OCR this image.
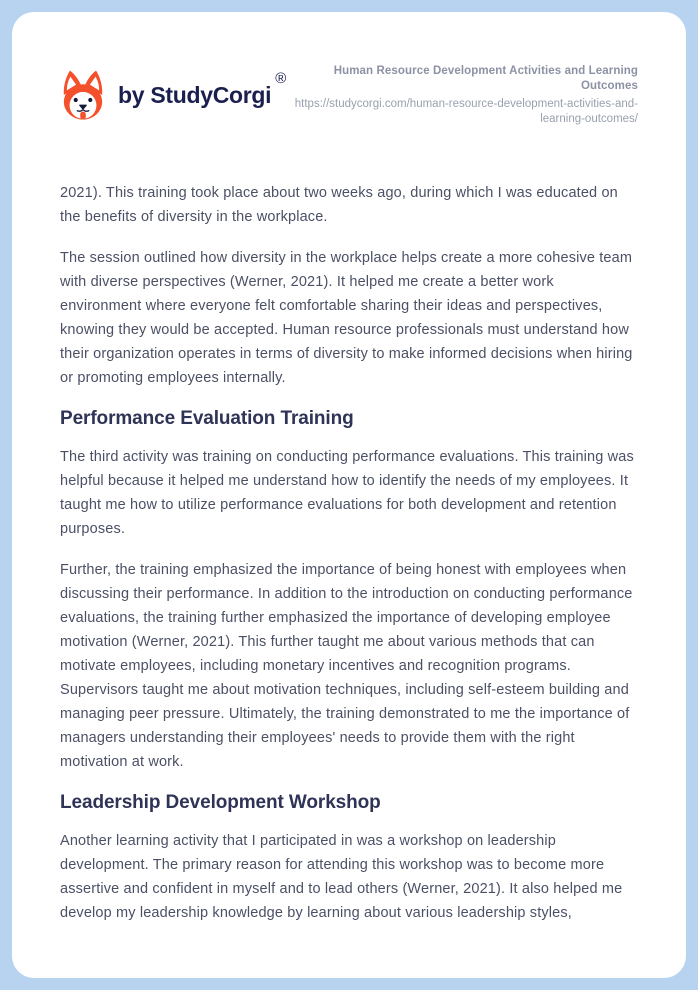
by StudyCorgi
®	Human Resource Development Activities and Learning Outcomes
https://studycorgi.com/human-resource-development-activities-and-learning-outcomes/

2021). This training took place about two weeks ago, during which I was educated on the benefits of diversity in the workplace.

The session outlined how diversity in the workplace helps create a more cohesive team with diverse perspectives (Werner, 2021). It helped me create a better work environment where everyone felt comfortable sharing their ideas and perspectives, knowing they would be accepted. Human resource professionals must understand how their organization operates in terms of diversity to make informed decisions when hiring or promoting employees internally.

Performance Evaluation Training

The third activity was training on conducting performance evaluations. This training was helpful because it helped me understand how to identify the needs of my employees. It taught me how to utilize performance evaluations for both development and retention purposes.

Further, the training emphasized the importance of being honest with employees when discussing their performance. In addition to the introduction on conducting performance evaluations, the training further emphasized the importance of developing employee motivation (Werner, 2021). This further taught me about various methods that can motivate employees, including monetary incentives and recognition programs. Supervisors taught me about motivation techniques, including self-esteem building and managing peer pressure. Ultimately, the training demonstrated to me the importance of managers understanding their employees' needs to provide them with the right motivation at work.

Leadership Development Workshop

Another learning activity that I participated in was a workshop on leadership development. The primary reason for attending this workshop was to become more assertive and confident in myself and to lead others (Werner, 2021). It also helped me develop my leadership knowledge by learning about various leadership styles,
